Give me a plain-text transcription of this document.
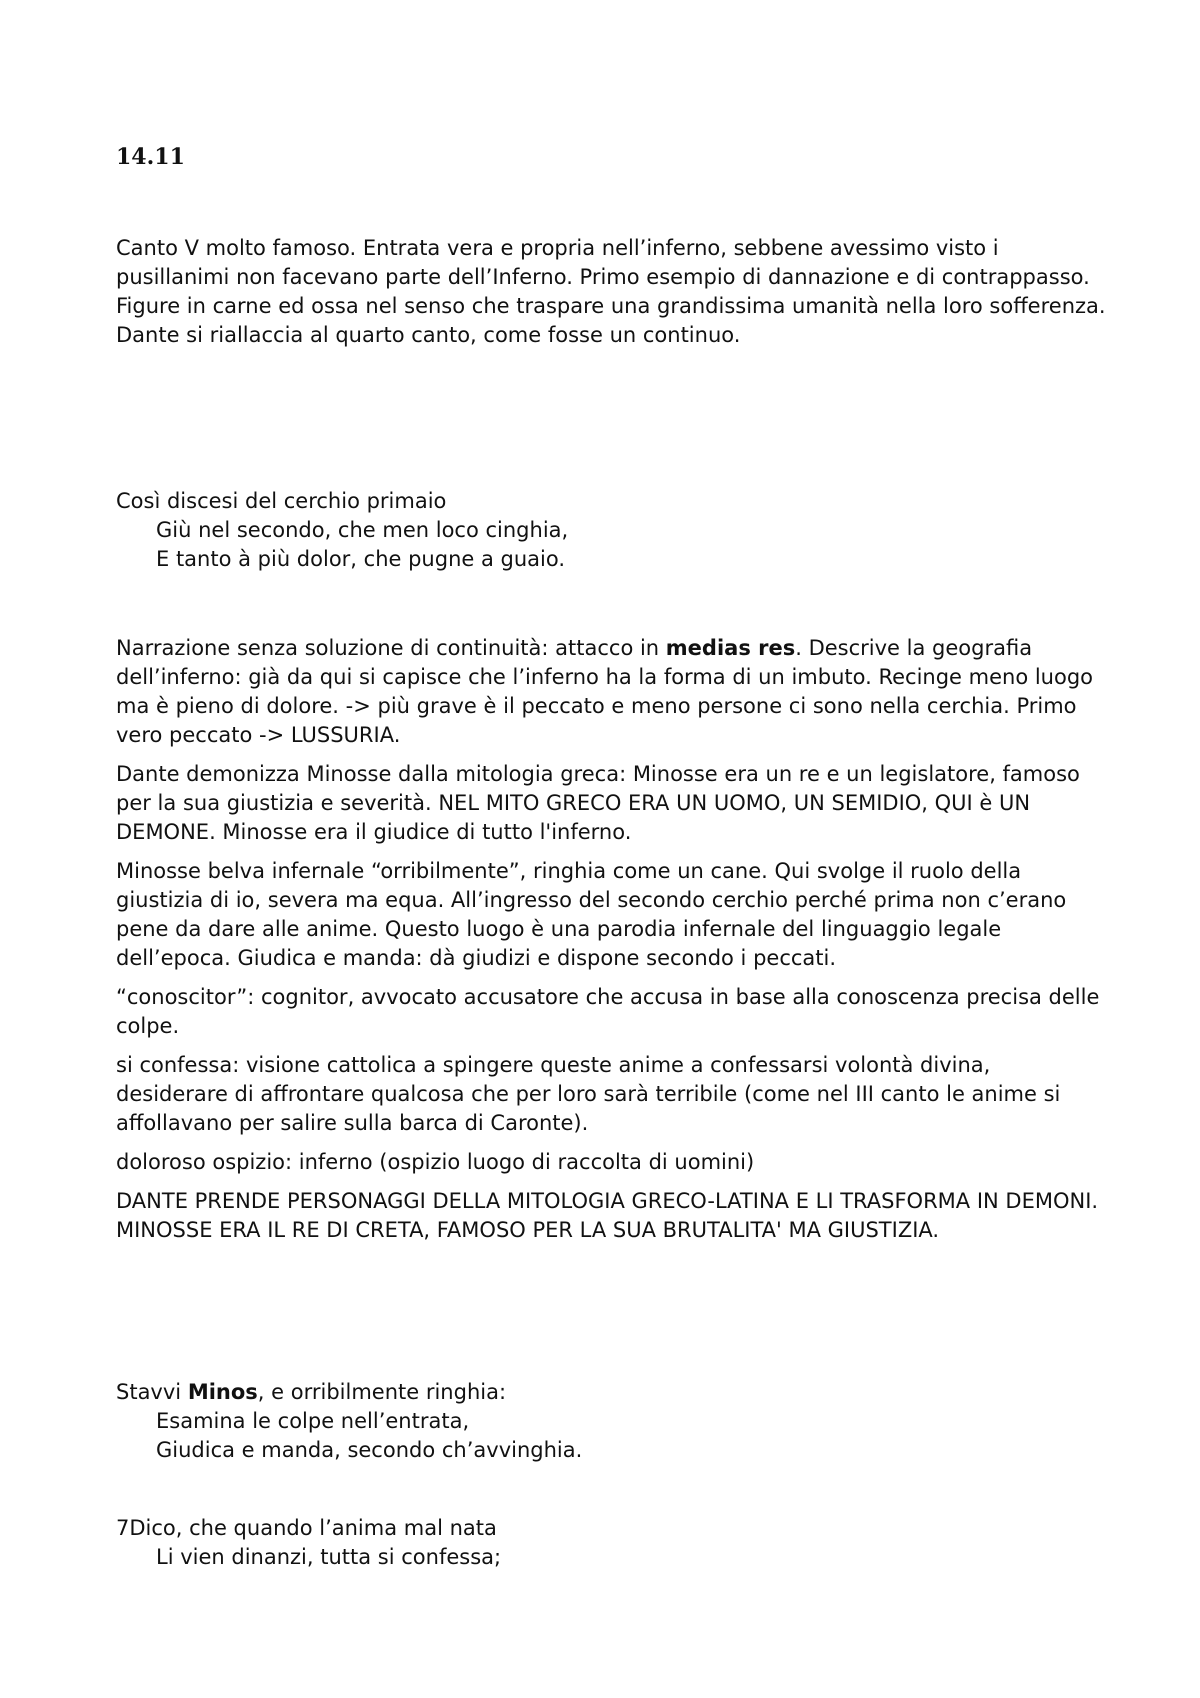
14.11

Canto V molto famoso. Entrata vera e propria nell’inferno, sebbene avessimo visto i pusillanimi non facevano parte dell’Inferno. Primo esempio di dannazione e di contrappasso. Figure in carne ed ossa nel senso che traspare una grandissima umanità nella loro sofferenza. Dante si riallaccia al quarto canto, come fosse un continuo.

Così discesi del cerchio primaio
Giù nel secondo, che men loco cinghia,
E tanto à più dolor, che pugne a guaio.

Narrazione senza soluzione di continuità: attacco in medias res. Descrive la geografia dell’inferno: già da qui si capisce che l’inferno ha la forma di un imbuto. Recinge meno luogo ma è pieno di dolore. -> più grave è il peccato e meno persone ci sono nella cerchia. Primo vero peccato -> LUSSURIA.

Dante demonizza Minosse dalla mitologia greca: Minosse era un re e un legislatore, famoso per la sua giustizia e severità. NEL MITO GRECO ERA UN UOMO, UN SEMIDIO, QUI è UN DEMONE. Minosse era il giudice di tutto l'inferno.

Minosse belva infernale “orribilmente”, ringhia come un cane. Qui svolge il ruolo della giustizia di io, severa ma equa. All’ingresso del secondo cerchio perché prima non c’erano pene da dare alle anime. Questo luogo è una parodia infernale del linguaggio legale dell’epoca. Giudica e manda: dà giudizi e dispone secondo i peccati.

“conoscitor”: cognitor, avvocato accusatore che accusa in base alla conoscenza precisa delle colpe.

si confessa: visione cattolica a spingere queste anime a confessarsi volontà divina, desiderare di affrontare qualcosa che per loro sarà terribile (come nel III canto le anime si affollavano per salire sulla barca di Caronte).

doloroso ospizio: inferno (ospizio luogo di raccolta di uomini)

DANTE PRENDE PERSONAGGI DELLA MITOLOGIA GRECO-LATINA E LI TRASFORMA IN DEMONI. MINOSSE ERA IL RE DI CRETA, FAMOSO PER LA SUA BRUTALITA' MA GIUSTIZIA.

Stavvi Minos, e orribilmente ringhia:
Esamina le colpe nell’entrata,
Giudica e manda, secondo ch’avvinghia.
7Dico, che quando l’anima mal nata
Li vien dinanzi, tutta si confessa;
